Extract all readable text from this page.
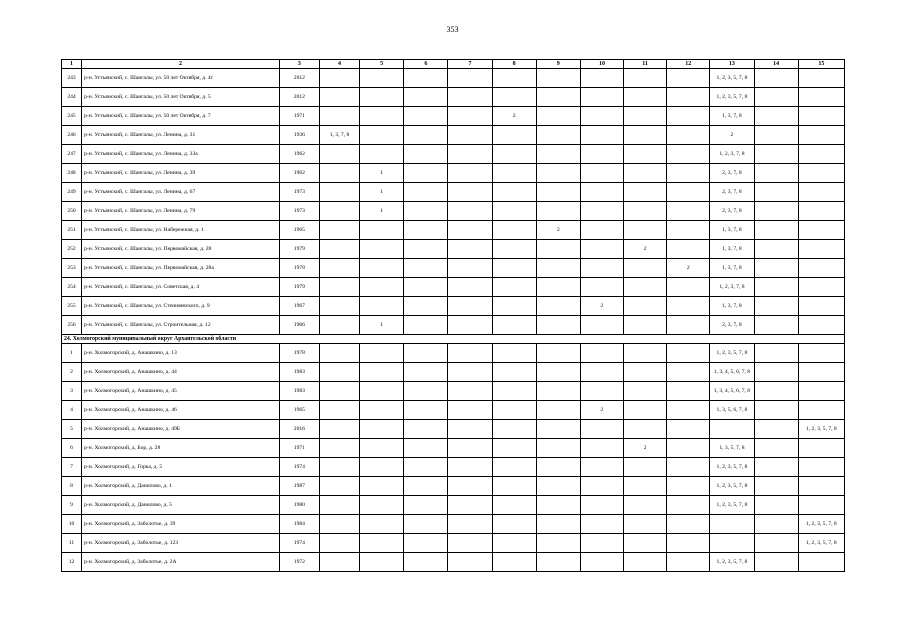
353
1	2	3	4	5	6	7	8	9	10	11	12	13	14	15
243	р-н. Устьянский, с. Шангалы, ул. 50 лет Октября, д. 4г	2012										1, 2, 3, 5, 7, 8		
244	р-н. Устьянский, с. Шангалы, ул. 50 лет Октября, д. 5	2012										1, 2, 3, 5, 7, 8		
245	р-н. Устьянский, с. Шангалы, ул. 50 лет Октября, д. 7	1971					2					1, 3, 7, 8		
246	р-н. Устьянский, с. Шангалы, ул. Ленина, д. 31	1936	1, 3, 7, 8									2		
247	р-н. Устьянский, с. Шангалы, ул. Ленина, д. 33а	1962										1, 2, 3, 7, 8		
248	р-н. Устьянский, с. Шангалы, ул. Ленина, д. 39	1962		1								2, 3, 7, 8		
249	р-н. Устьянский, с. Шангалы, ул. Ленина, д. 67	1973		1								2, 3, 7, 8		
250	р-н. Устьянский, с. Шангалы, ул. Ленина, д. 79	1973		1								2, 3, 7, 8		
251	р-н. Устьянский, с. Шангалы, ул. Набережная, д. 1	1965						2				1, 3, 7, 8		
252	р-н. Устьянский, с. Шангалы, ул. Первомайская, д. 28	1979								2		1, 3, 7, 8		
253	р-н. Устьянский, с. Шангалы, ул. Первомайская, д. 28а	1978									2	1, 3, 7, 8		
254	р-н. Устьянский, с. Шангалы, ул. Советская, д. 4	1979										1, 2, 3, 7, 8		
255	р-н. Устьянский, с. Шангалы, ул. Стеиняевского, д. 9	1967							2			1, 3, 7, 8		
256	р-н. Устьянский, с. Шангалы, ул. Строительная, д. 12	1966		1								2, 3, 7, 8		
24. Холмогорский муниципальный округ Архангельской области														
1	р-н. Холмогорский, д. Анашкино, д. 13	1978										1, 2, 3, 5, 7, 8		
2	р-н. Холмогорский, д. Анашкино, д. 44	1983										1, 3, 4, 5, 6, 7, 8		
3	р-н. Холмогорский, д. Анашкино, д. 45	1983										1, 3, 4, 5, 6, 7, 8		
4	р-н. Холмогорский, д. Анашкино, д. 46	1965							2			1, 3, 5, 6, 7, 8		
5	р-н. Холмогорский, д. Анашкино, д. 49Б	2016												1, 2, 3, 5, 7, 8
6	р-н. Холмогорский, д. Бор, д. 28	1971								2		1, 3, 5, 7, 8		
7	р-н. Холмогорский, д. Горка, д. 5	1974										1, 2, 3, 5, 7, 8		
8	р-н. Холмогорский, д. Данилово, д. 1	1987										1, 2, 3, 5, 7, 8		
9	р-н. Холмогорский, д. Данилово, д. 5	1980										1, 2, 3, 5, 7, 8		
10	р-н. Холмогорский, д. Заболотье, д. 39	1984												1, 2, 3, 5, 7, 8
11	р-н. Холмогорский, д. Заболотье, д. 123	1974												1, 2, 3, 5, 7, 8
12	р-н. Холмогорский, д. Заболотье, д. 2А	1972										1, 2, 3, 5, 7, 8		
